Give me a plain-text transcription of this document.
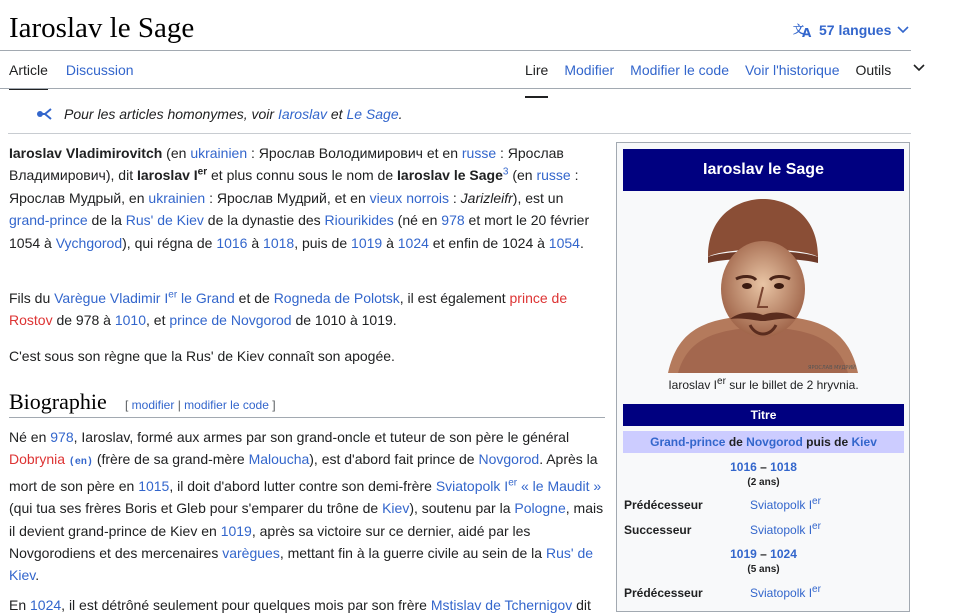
Iaroslav le Sage	文
A 57 langues
Article Discussion	Lire Modifier Modifier le code Voir l'historique Outils
Pour les articles homonymes, voir Iaroslav et Le Sage.
Iaroslav Vladimirovitch (en ukrainien : Ярослав Володимирович et en russe : Ярослав Владимирович), dit Iaroslav Ier et plus connu sous le nom de Iaroslav le Sage$^3$ (en russe : Ярослав Мудрый, en ukrainien : Ярослав Мудрий, et en vieux norrois : Jarizleifr), est un grand-prince de la Rus' de Kiev de la dynastie des Riourikides (né en 978 et mort le 20 février 1054 à Vychgorod), qui régna de 1016 à 1018, puis de 1019 à 1024 et enfin de 1024 à 1054.
Fils du Varègue Vladimir Ier le Grand et de Rogneda de Polotsk, il est également prince de Rostov de 978 à 1010, et prince de Novgorod de 1010 à 1019.
C'est sous son règne que la Rus' de Kiev connaît son apogée.
Biographie [ modifier | modifier le code ]
Né en 978, Iaroslav, formé aux armes par son grand-oncle et tuteur de son père le général Dobrynia (en) (frère de sa grand-mère Maloucha), est d'abord fait prince de Novgorod. Après la mort de son père en 1015, il doit d'abord lutter contre son demi-frère Sviatopolk Ier « le Maudit » (qui tua ses frères Boris et Gleb pour s'emparer du trône de Kiev), soutenu par la Pologne, mais il devient grand-prince de Kiev en 1019, après sa victoire sur ce dernier, aidé par les Novgorodiens et des mercenaires varègues, mettant fin à la guerre civile au sein de la Rus' de Kiev.
En 1024, il est détrôné seulement pour quelques mois par son frère Mstislav de Tchernigov dit
Iaroslav le Sage
ЯРОСЛАВ МУДРИЙ
Iaroslav Ier sur le billet de 2 hryvnia.
Titre
Grand-prince de Novgorod puis de Kiev
1016 – 1018
(2 ans)
Prédécesseur	Sviatopolk Ier
Successeur	Sviatopolk Ier
1019 – 1024
(5 ans)
Prédécesseur	Sviatopolk Ier
